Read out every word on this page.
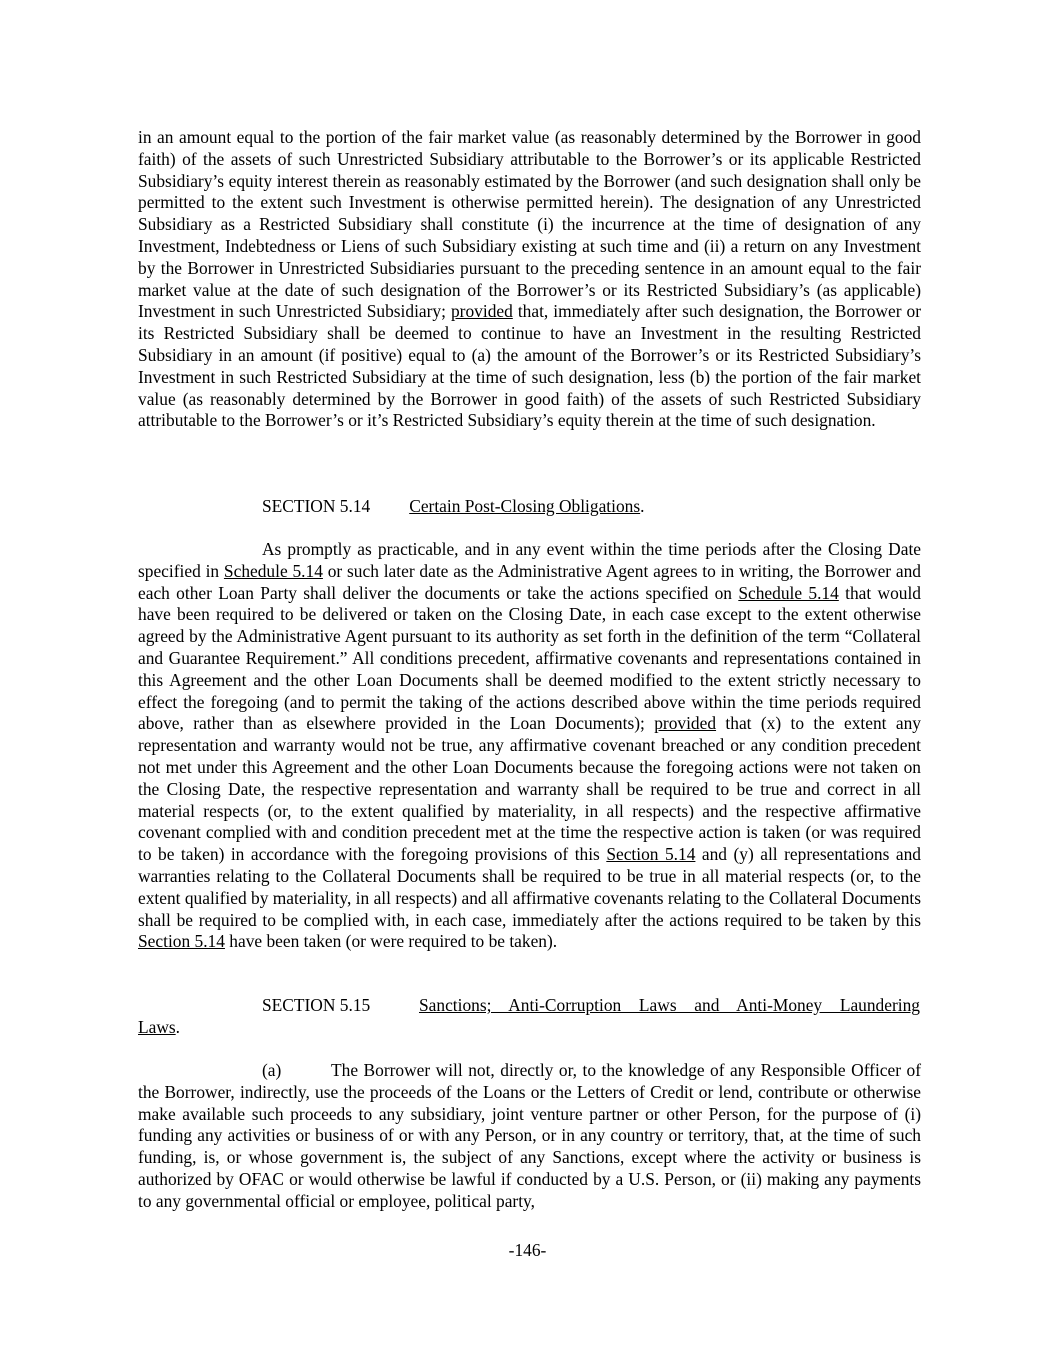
in an amount equal to the portion of the fair market value (as reasonably determined by the Borrower in good faith) of the assets of such Unrestricted Subsidiary attributable to the Borrower’s or its applicable Restricted Subsidiary’s equity interest therein as reasonably estimated by the Borrower (and such designation shall only be permitted to the extent such Investment is otherwise permitted herein). The designation of any Unrestricted Subsidiary as a Restricted Subsidiary shall constitute (i) the incurrence at the time of designation of any Investment, Indebtedness or Liens of such Subsidiary existing at such time and (ii) a return on any Investment by the Borrower in Unrestricted Subsidiaries pursuant to the preceding sentence in an amount equal to the fair market value at the date of such designation of the Borrower’s or its Restricted Subsidiary’s (as applicable) Investment in such Unrestricted Subsidiary; provided that, immediately after such designation, the Borrower or its Restricted Subsidiary shall be deemed to continue to have an Investment in the resulting Restricted Subsidiary in an amount (if positive) equal to (a) the amount of the Borrower’s or its Restricted Subsidiary’s Investment in such Restricted Subsidiary at the time of such designation, less (b) the portion of the fair market value (as reasonably determined by the Borrower in good faith) of the assets of such Restricted Subsidiary attributable to the Borrower’s or it’s Restricted Subsidiary’s equity therein at the time of such designation.

SECTION 5.14 Certain Post-Closing Obligations.

As promptly as practicable, and in any event within the time periods after the Closing Date specified in Schedule 5.14 or such later date as the Administrative Agent agrees to in writing, the Borrower and each other Loan Party shall deliver the documents or take the actions specified on Schedule 5.14 that would have been required to be delivered or taken on the Closing Date, in each case except to the extent otherwise agreed by the Administrative Agent pursuant to its authority as set forth in the definition of the term “Collateral and Guarantee Requirement.” All conditions precedent, affirmative covenants and representations contained in this Agreement and the other Loan Documents shall be deemed modified to the extent strictly necessary to effect the foregoing (and to permit the taking of the actions described above within the time periods required above, rather than as elsewhere provided in the Loan Documents); provided that (x) to the extent any representation and warranty would not be true, any affirmative covenant breached or any condition precedent not met under this Agreement and the other Loan Documents because the foregoing actions were not taken on the Closing Date, the respective representation and warranty shall be required to be true and correct in all material respects (or, to the extent qualified by materiality, in all respects) and the respective affirmative covenant complied with and condition precedent met at the time the respective action is taken (or was required to be taken) in accordance with the foregoing provisions of this Section 5.14 and (y) all representations and warranties relating to the Collateral Documents shall be required to be true in all material respects (or, to the extent qualified by materiality, in all respects) and all affirmative covenants relating to the Collateral Documents shall be required to be complied with, in each case, immediately after the actions required to be taken by this Section 5.14 have been taken (or were required to be taken).

SECTION 5.15	Sanctions; Anti-Corruption Laws and Anti-Money Laundering
Laws.

(a)	The Borrower will not, directly or, to the knowledge of any Responsible Officer of the Borrower, indirectly, use the proceeds of the Loans or the Letters of Credit or lend, contribute or otherwise make available such proceeds to any subsidiary, joint venture partner or other Person, for the purpose of (i) funding any activities or business of or with any Person, or in any country or territory, that, at the time of such funding, is, or whose government is, the subject of any Sanctions, except where the activity or business is authorized by OFAC or would otherwise be lawful if conducted by a U.S. Person, or (ii) making any payments to any governmental official or employee, political party,

-146-
